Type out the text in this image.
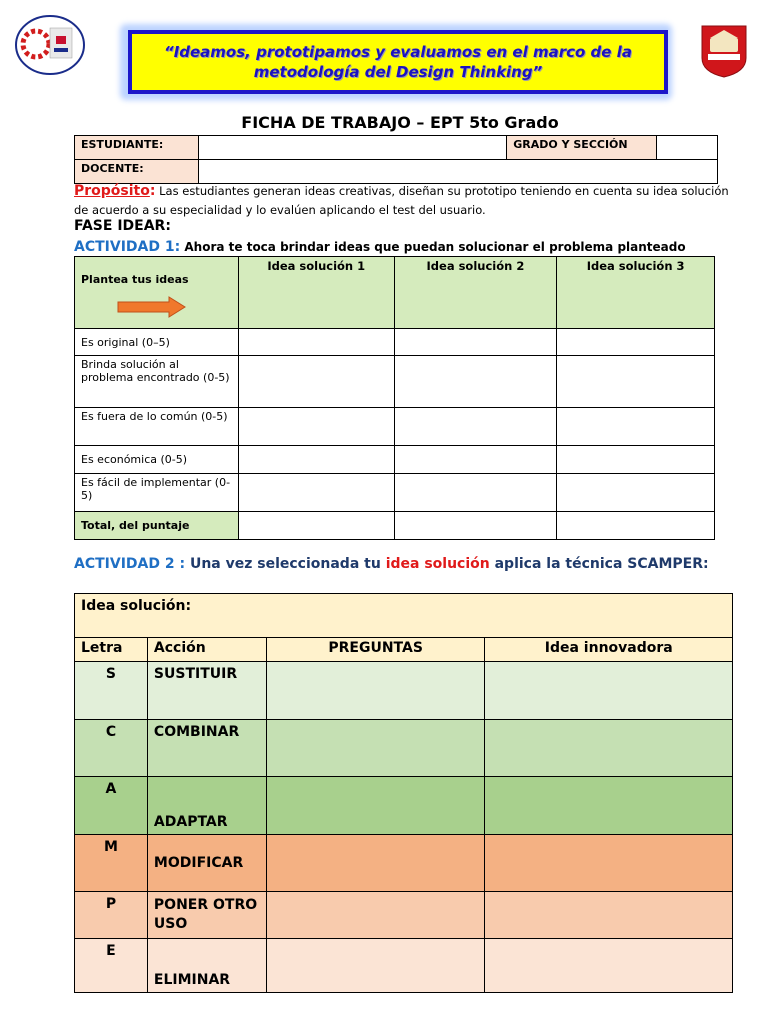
“Ideamos, prototipamos y evaluamos en el marco de la
metodología del Design Thinking”
FICHA DE TRABAJO – EPT 5to Grado
ESTUDIANTE:		GRADO Y SECCIÓN	
DOCENTE:			
Propósito: Las estudiantes generan ideas creativas, diseñan su prototipo teniendo en cuenta su idea solución de acuerdo a su especialidad y lo evalúen aplicando el test del usuario.
FASE IDEAR:
ACTIVIDAD 1: Ahora te toca brindar ideas que puedan solucionar el problema planteado
Plantea tus ideas	Idea solución 1	Idea solución 2	Idea solución 3
Es original (0–5)			
Brinda solución al problema encontrado (0-5)			
Es fuera de lo común (0-5)			
Es económica (0-5)			
Es fácil de implementar (0-5)			
Total, del puntaje			
ACTIVIDAD 2 : Una vez seleccionada tu idea solución aplica la técnica SCAMPER:
Idea solución:			
Letra	Acción	PREGUNTAS	Idea innovadora
S	SUSTITUIR		
C	COMBINAR		
A	ADAPTAR		
M	MODIFICAR		
P	PONER OTRO USO		
E	ELIMINAR		
